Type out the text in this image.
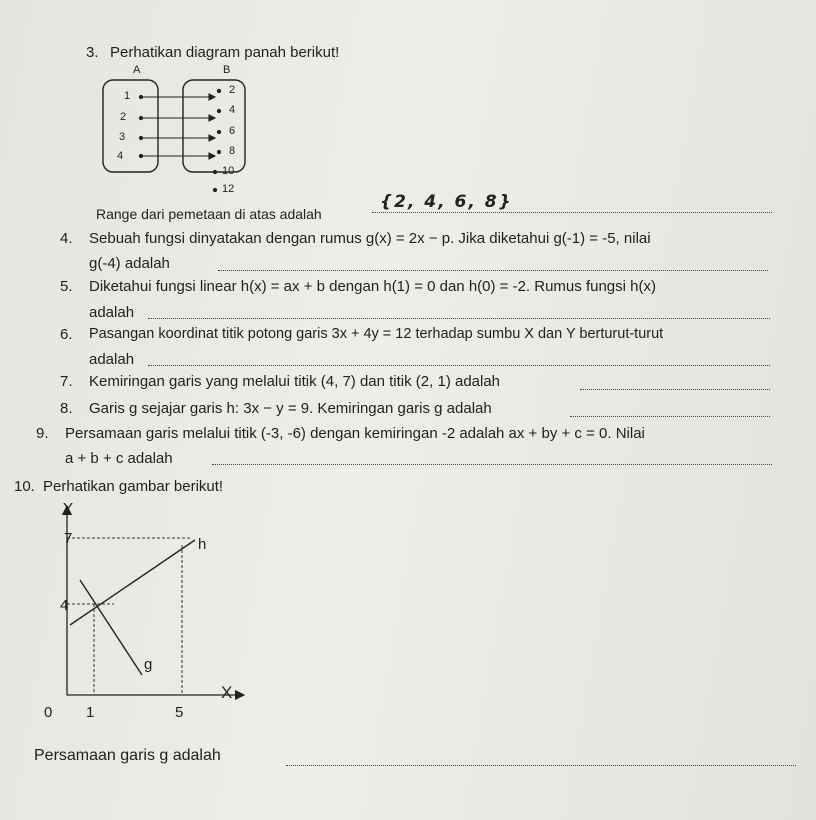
3. Perhatikan diagram panah berikut!
A	B
1
2
3
4
2
4
6
8
10
12
Range dari pemetaan di atas adalah
{2, 4, 6, 8}
4. Sebuah fungsi dinyatakan dengan rumus g(x) = 2x − p. Jika diketahui g(-1) = -5, nilai
g(-4) adalah
5. Diketahui fungsi linear h(x) = ax + b dengan h(1) = 0 dan h(0) = -2. Rumus fungsi h(x)
adalah
6. Pasangan koordinat titik potong garis 3x + 4y = 12 terhadap sumbu X dan Y berturut-turut
adalah
7. Kemiringan garis yang melalui titik (4, 7) dan titik (2, 1) adalah
8. Garis g sejajar garis h: 3x − y = 9. Kemiringan garis g adalah
9. Persamaan garis melalui titik (-3, -6) dengan kemiringan -2 adalah ax + by + c = 0. Nilai
a + b + c adalah
10. Perhatikan gambar berikut!
Y
7	h
4
g
X
0 1	5
Persamaan garis g adalah
